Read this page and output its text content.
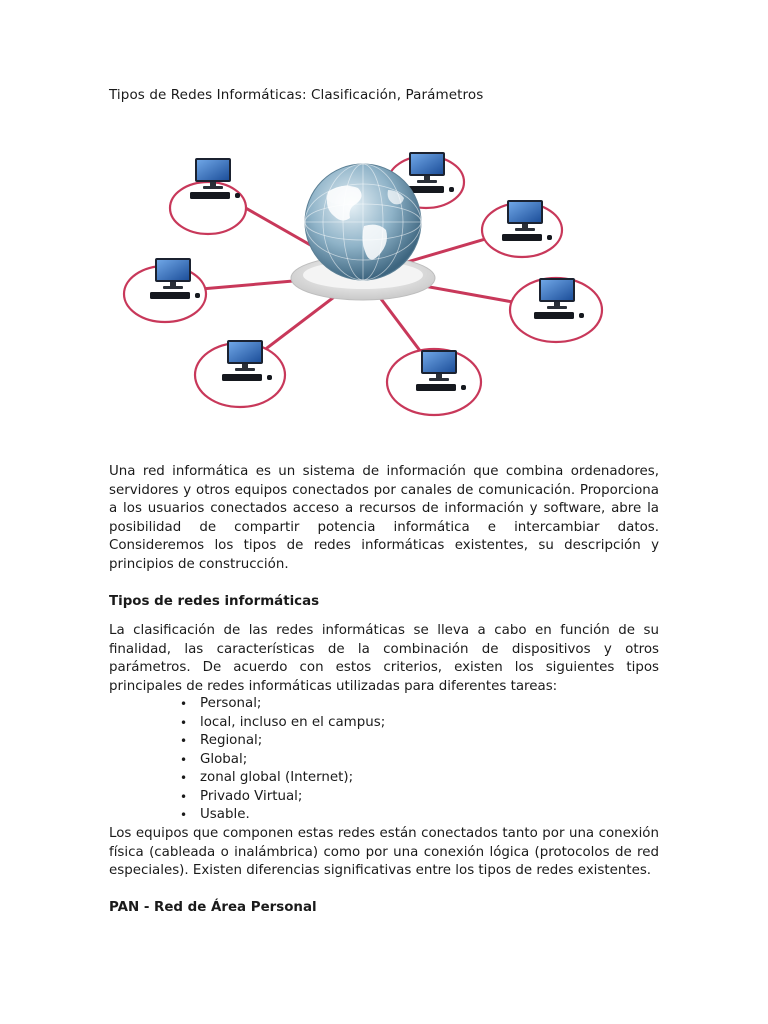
Tipos de Redes Informáticas: Clasificación, Parámetros
Una red informática es un sistema de información que combina ordenadores, servidores y otros equipos conectados por canales de comunicación. Proporciona a los usuarios conectados acceso a recursos de información y software, abre la posibilidad de compartir potencia informática e intercambiar datos. Consideremos los tipos de redes informáticas existentes, su descripción y principios de construcción.
Tipos de redes informáticas
La clasificación de las redes informáticas se lleva a cabo en función de su finalidad, las características de la combinación de dispositivos y otros parámetros. De acuerdo con estos criterios, existen los siguientes tipos principales de redes informáticas utilizadas para diferentes tareas:
• Personal;
• local, incluso en el campus;
• Regional;
• Global;
• zonal global (Internet);
• Privado Virtual;
• Usable.
Los equipos que componen estas redes están conectados tanto por una conexión física (cableada o inalámbrica) como por una conexión lógica (protocolos de red especiales). Existen diferencias significativas entre los tipos de redes existentes.
PAN - Red de Área Personal
